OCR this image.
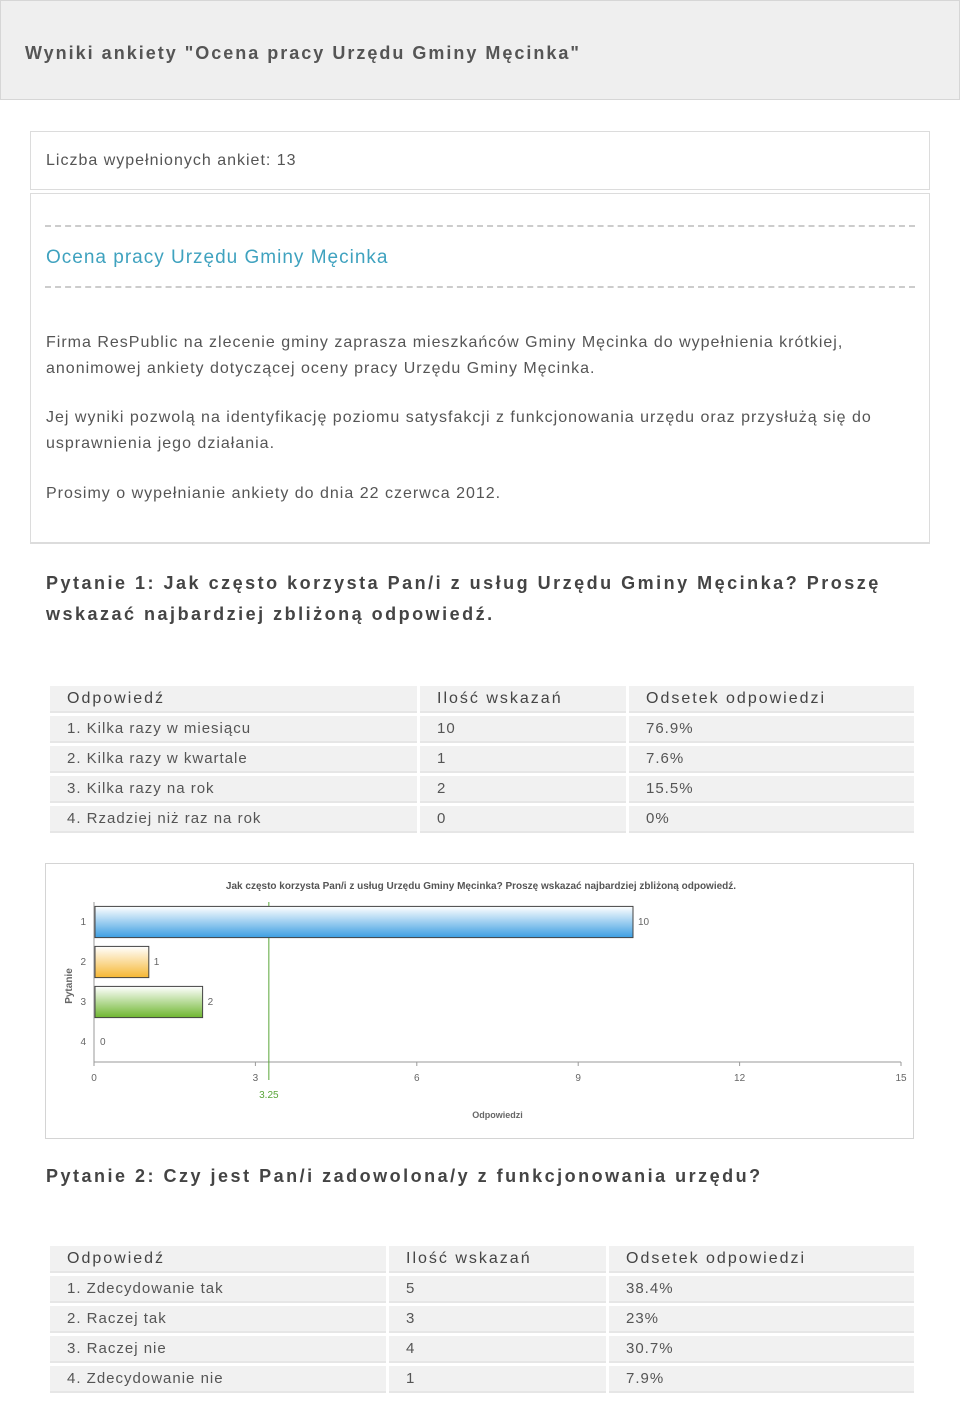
Wyniki ankiety "Ocena pracy Urzędu Gminy Męcinka"
Liczba wypełnionych ankiet: 13
Ocena pracy Urzędu Gminy Męcinka

Firma ResPublic na zlecenie gminy zaprasza mieszkańców Gminy Męcinka do wypełnienia krótkiej, anonimowej ankiety dotyczącej oceny pracy Urzędu Gminy Męcinka.

Jej wyniki pozwolą na identyfikację poziomu satysfakcji z funkcjonowania urzędu oraz przysłużą się do usprawnienia jego działania.

Prosimy o wypełnianie ankiety do dnia 22 czerwca 2012.

Pytanie 1: Jak często korzysta Pan/i z usług Urzędu Gminy Męcinka? Proszę wskazać najbardziej zbliżoną odpowiedź.
Odpowiedź	Ilość wskazań	Odsetek odpowiedzi
1. Kilka razy w miesiącu	10	76.9%
2. Kilka razy w kwartale	1	7.6%
3. Kilka razy na rok	2	15.5%
4. Rzadziej niż raz na rok	0	0%
Jak często korzysta Pan/i z usług Urzędu Gminy Męcinka? Proszę wskazać najbardziej zbliżoną odpowiedź.
3.25
0	3	6	9	12	15
Odpowiedzi
Pytanie
1	10
2	1
3	2
4 0
Pytanie 2: Czy jest Pan/i zadowolona/y z funkcjonowania urzędu?
Odpowiedź	Ilość wskazań	Odsetek odpowiedzi
1. Zdecydowanie tak	5	38.4%
2. Raczej tak	3	23%
3. Raczej nie	4	30.7%
4. Zdecydowanie nie	1	7.9%
